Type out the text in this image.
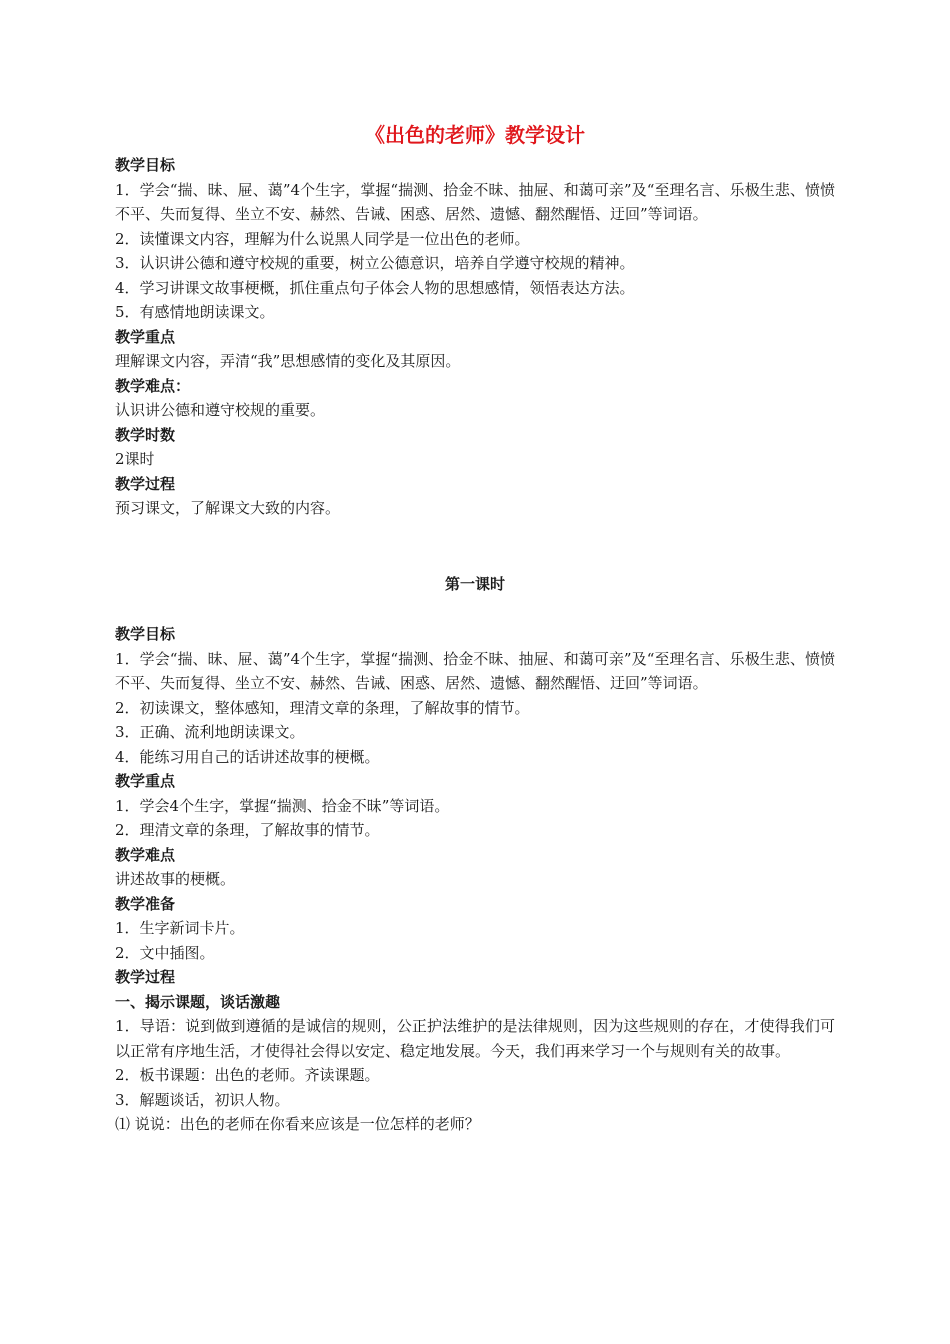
《出色的老师》教学设计

教学目标

1．学会“揣、昧、屉、蔼”4个生字，掌握“揣测、拾金不昧、抽屉、和蔼可亲”及“至理名言、乐极生悲、愤愤不平、失而复得、坐立不安、赫然、告诫、困惑、居然、遗憾、翻然醒悟、迂回”等词语。

2．读懂课文内容，理解为什么说黑人同学是一位出色的老师。

3．认识讲公德和遵守校规的重要，树立公德意识，培养自学遵守校规的精神。

4．学习讲课文故事梗概，抓住重点句子体会人物的思想感情，领悟表达方法。

5．有感情地朗读课文。

教学重点

理解课文内容，弄清“我”思想感情的变化及其原因。

教学难点：

认识讲公德和遵守校规的重要。

教学时数

2课时

教学过程

预习课文，了解课文大致的内容。

第一课时

教学目标

1．学会“揣、昧、屉、蔼”4个生字，掌握“揣测、拾金不昧、抽屉、和蔼可亲”及“至理名言、乐极生悲、愤愤不平、失而复得、坐立不安、赫然、告诫、困惑、居然、遗憾、翻然醒悟、迂回”等词语。

2．初读课文，整体感知，理清文章的条理，了解故事的情节。

3．正确、流利地朗读课文。

4．能练习用自己的话讲述故事的梗概。

教学重点

1．学会4个生字，掌握“揣测、拾金不昧”等词语。

2．理清文章的条理，了解故事的情节。

教学难点

讲述故事的梗概。

教学准备

1．生字新词卡片。

2．文中插图。

教学过程

一、揭示课题，谈话激趣

1．导语：说到做到遵循的是诚信的规则，公正护法维护的是法律规则，因为这些规则的存在，才使得我们可以正常有序地生活，才使得社会得以安定、稳定地发展。今天，我们再来学习一个与规则有关的故事。

2．板书课题：出色的老师。齐读课题。

3．解题谈话，初识人物。

⑴ 说说：出色的老师在你看来应该是一位怎样的老师？
